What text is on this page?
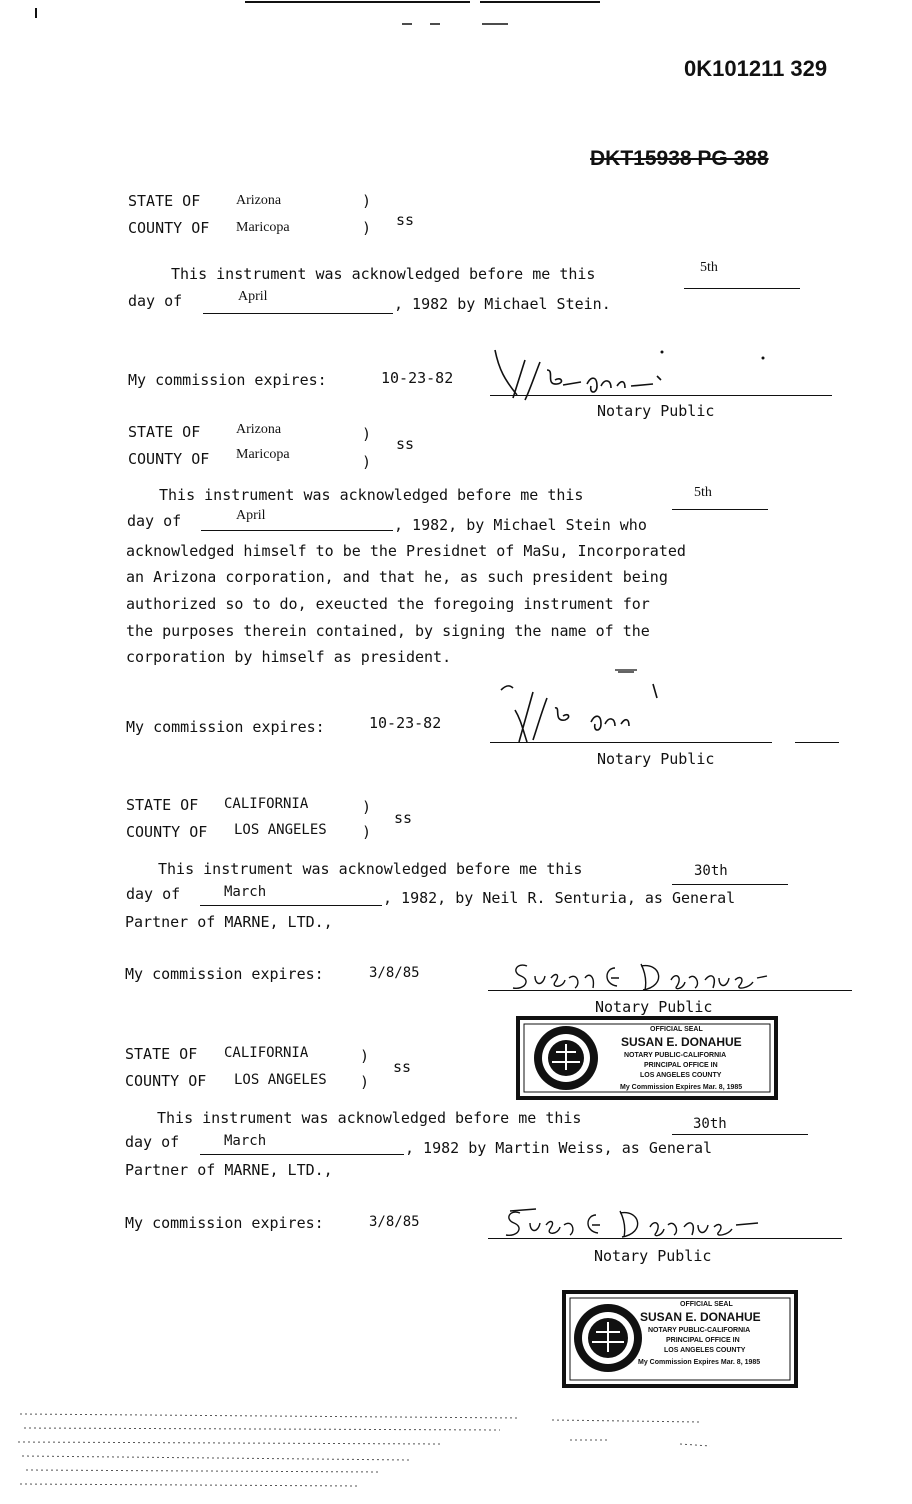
0K101211 329
DKT15938 PG 388
STATE OF	Arizona	)
COUNTY OF Maricopa	) ss
This instrument was acknowledged before me this	5th
day of	April	, 1982 by Michael Stein.
My commission expires:	10-23-82
Notary Public
STATE OF	Arizona	)
COUNTY OF Maricopa	)
ss
This instrument was acknowledged before me this	5th
day of	April
, 1982, by Michael Stein who
acknowledged himself to be the Presidnet of MaSu, Incorporated
an Arizona corporation, and that he, as such president being
authorized so to do, exeucted the foregoing instrument for
the purposes therein contained, by signing the name of the
corporation by himself as president.
My commission expires:	10-23-82
Notary Public
STATE OF CALIFORNIA	)
COUNTY OF LOS ANGELES )
ss
This instrument was acknowledged before me this	30th
day of	March	, 1982, by Neil R. Senturia, as General
Partner of MARNE, LTD.,
My commission expires:	3/8/85
Notary Public
OFFICIAL SEAL
SUSAN E. DONAHUE
NOTARY PUBLIC-CALIFORNIA
PRINCIPAL OFFICE IN
LOS ANGELES COUNTY
My Commission Expires Mar. 8, 1985
STATE OF CALIFORNIA	)
COUNTY OF LOS ANGELES )
ss
This instrument was acknowledged before me this	30th
day of	March	, 1982 by Martin Weiss, as General
Partner of MARNE, LTD.,
My commission expires:	3/8/85
Notary Public
OFFICIAL SEAL
SUSAN E. DONAHUE
NOTARY PUBLIC-CALIFORNIA
PRINCIPAL OFFICE IN
LOS ANGELES COUNTY
My Commission Expires Mar. 8, 1985
